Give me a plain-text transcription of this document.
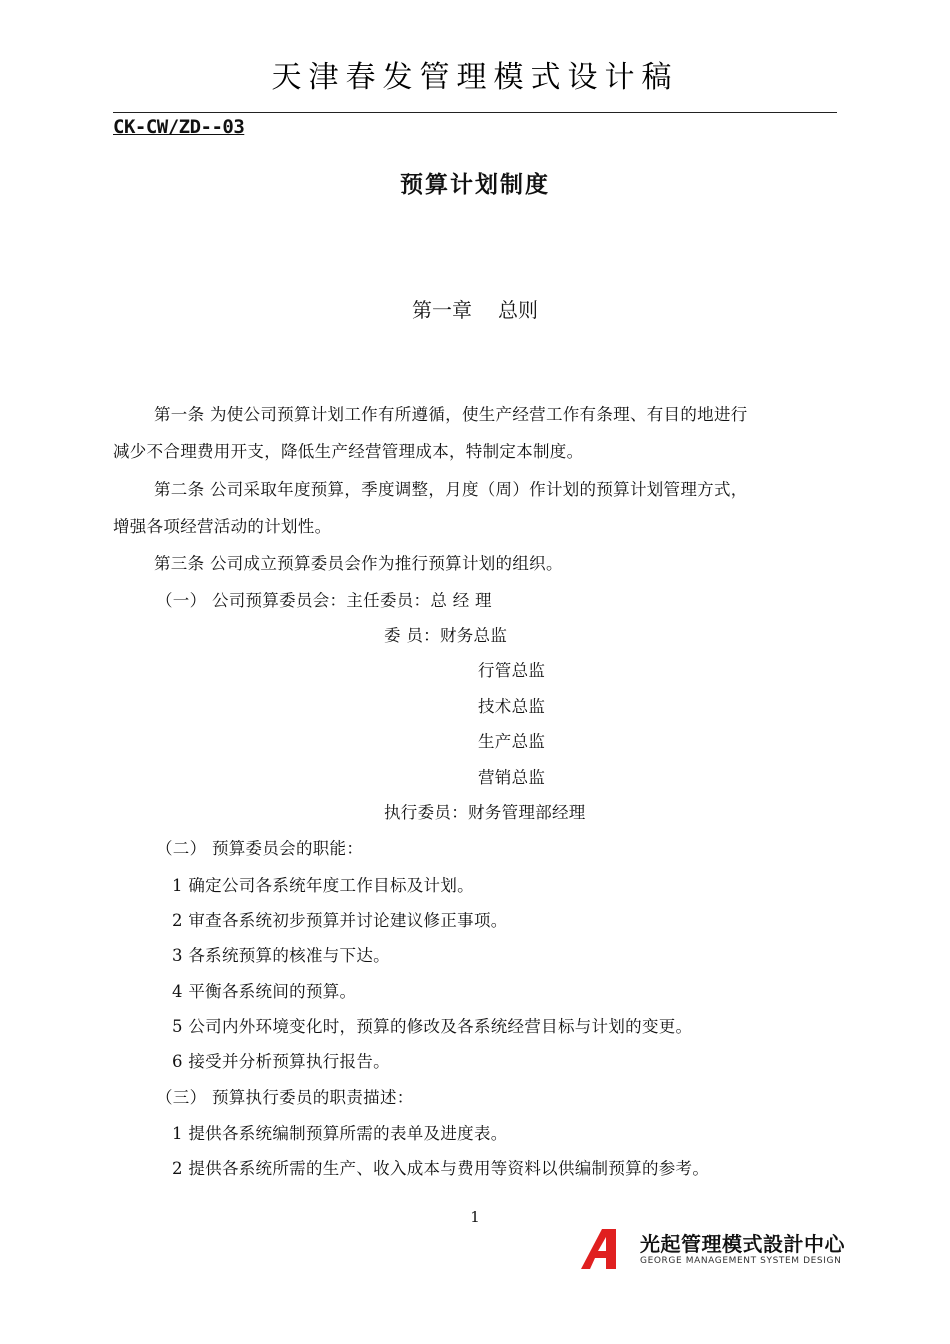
天津春发管理模式设计稿
CK-CW/ZD--03
预算计划制度
第一章 总则
第一条 为使公司预算计划工作有所遵循，使生产经营工作有条理、有目的地进行
减少不合理费用开支，降低生产经营管理成本，特制定本制度。
第二条 公司采取年度预算，季度调整，月度（周）作计划的预算计划管理方式，
增强各项经营活动的计划性。
第三条 公司成立预算委员会作为推行预算计划的组织。
（一） 公司预算委员会：主任委员：总 经 理
委 员：财务总监
行管总监
技术总监
生产总监
营销总监
执行委员：财务管理部经理
（二） 预算委员会的职能：
1 确定公司各系统年度工作目标及计划。
2 审查各系统初步预算并讨论建议修正事项。
3 各系统预算的核准与下达。
4 平衡各系统间的预算。
5 公司内外环境变化时，预算的修改及各系统经营目标与计划的变更。
6 接受并分析预算执行报告。
（三） 预算执行委员的职责描述：
1 提供各系统编制预算所需的表单及进度表。
2 提供各系统所需的生产、收入成本与费用等资料以供编制预算的参考。
1
光起管理模式設計中心
GEORGE MANAGEMENT SYSTEM DESIGN
